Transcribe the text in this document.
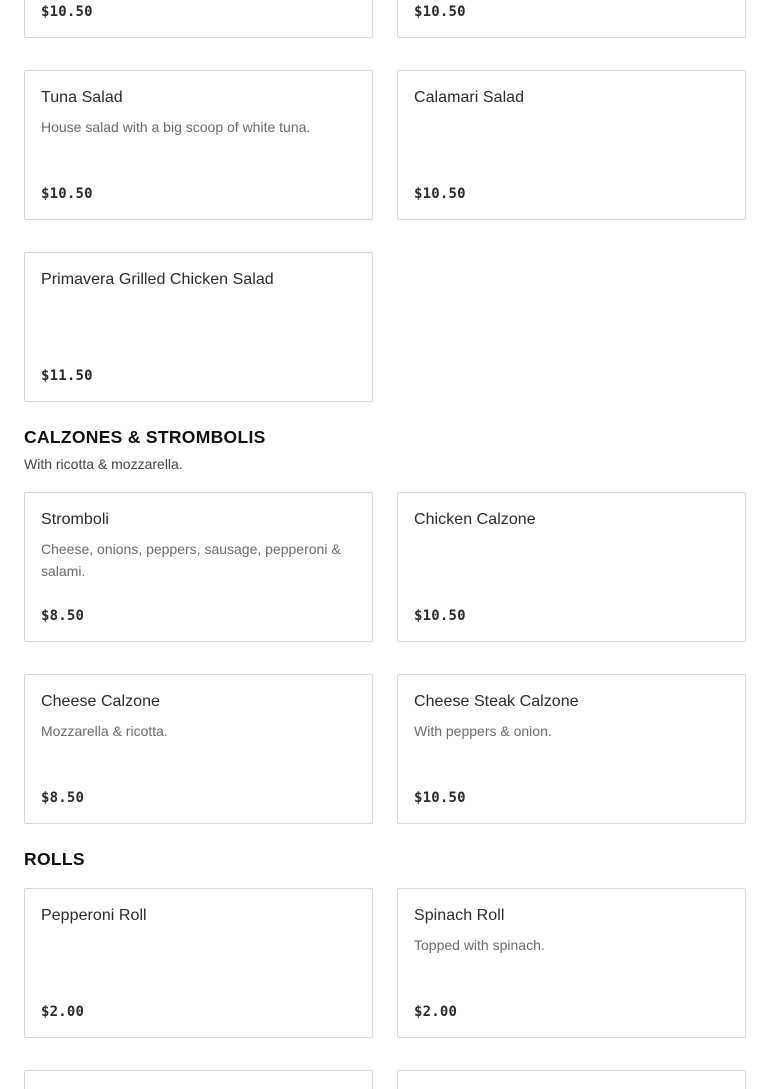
$10.50	$10.50
Tuna Salad
House salad with a big scoop of white tuna.
$10.50
Calamari Salad
$10.50
Primavera Grilled Chicken Salad
$11.50
CALZONES & STROMBOLIS
With ricotta & mozzarella.
Stromboli
Cheese, onions, peppers, sausage, pepperoni & salami.
$8.50
Chicken Calzone
$10.50
Cheese Calzone
Mozzarella & ricotta.
$8.50
Cheese Steak Calzone
With peppers & onion.
$10.50
ROLLS
Pepperoni Roll
$2.00
Spinach Roll
Topped with spinach.
$2.00
